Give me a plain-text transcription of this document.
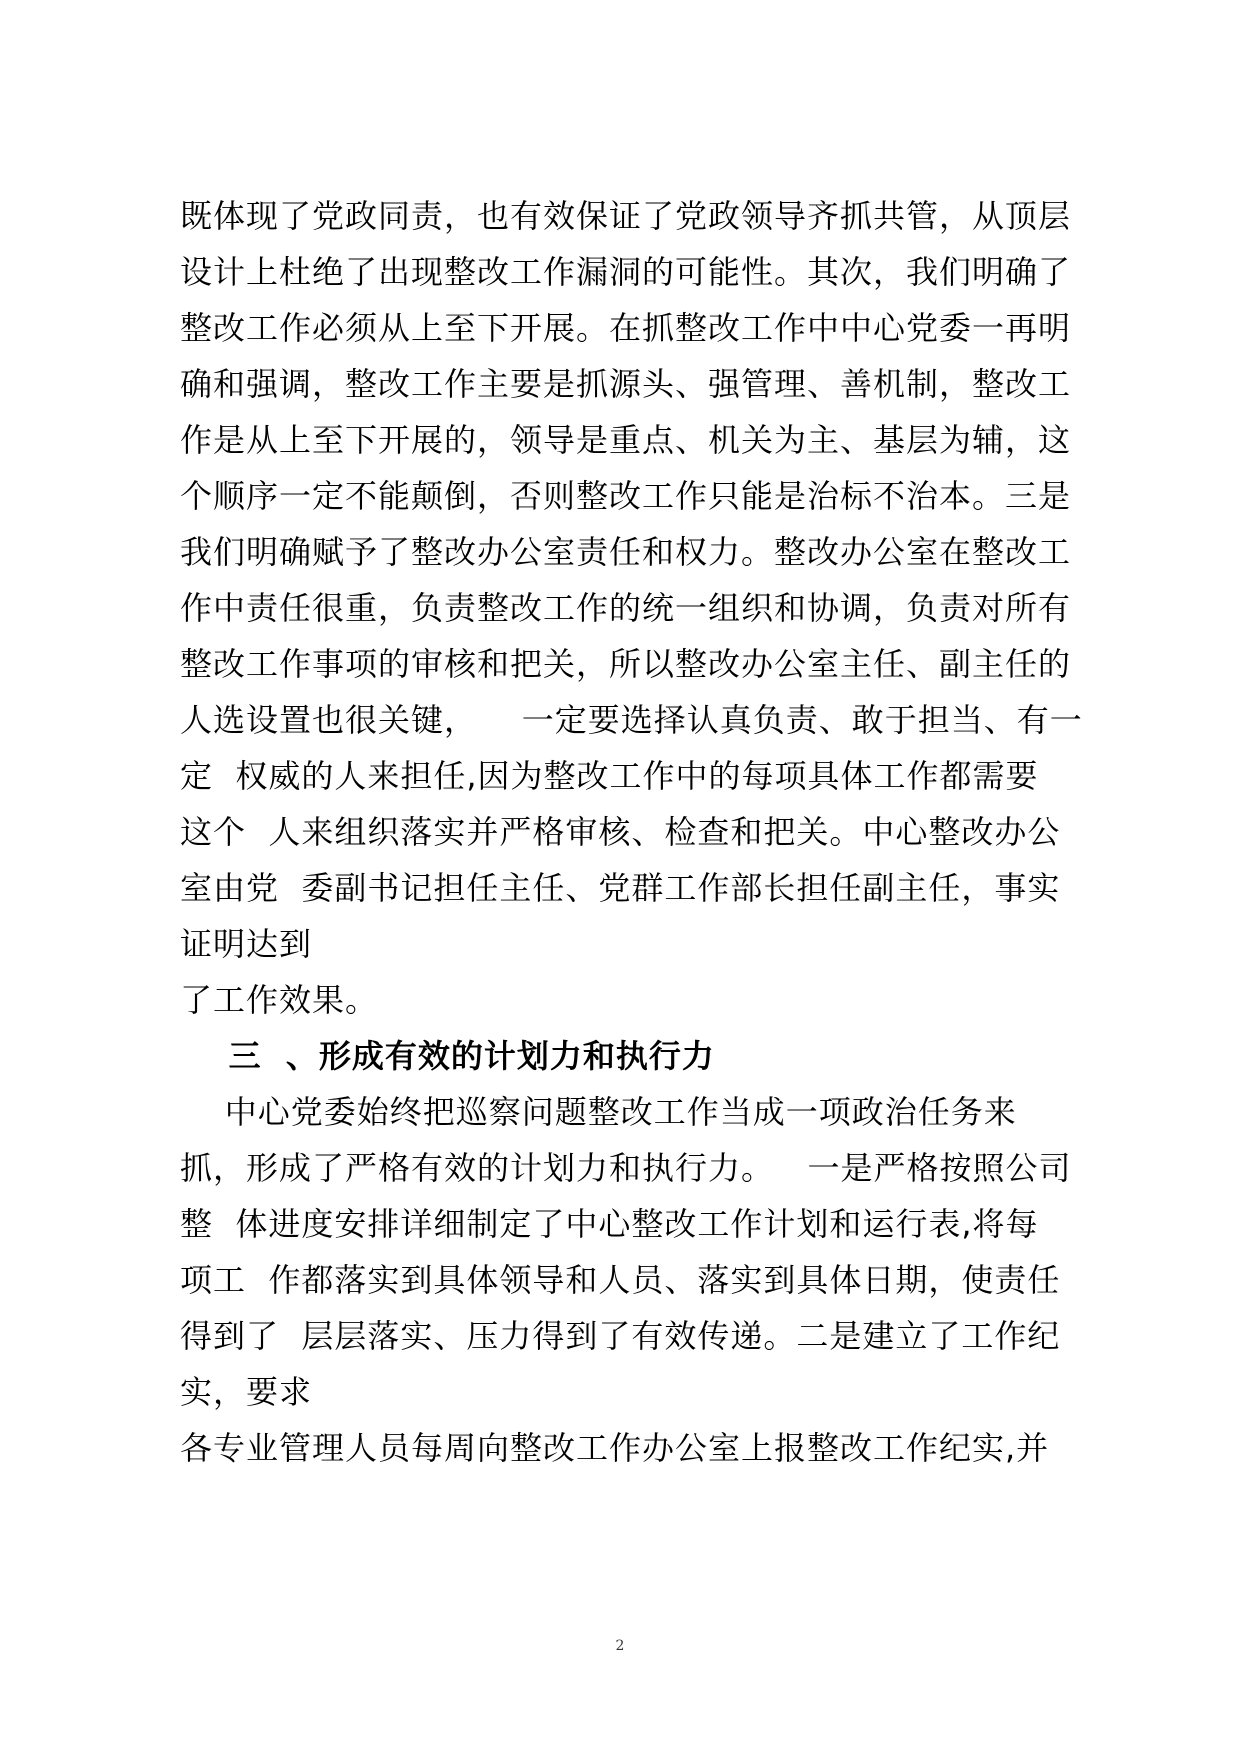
既体现了党政同责，也有效保证了党政领导齐抓共管，从顶层
设计上杜绝了出现整改工作漏洞的可能性。其次，我们明确了
整改工作必须从上至下开展。在抓整改工作中中心党委一再明
确和强调，整改工作主要是抓源头、强管理、善机制，整改工
作是从上至下开展的，领导是重点、机关为主、基层为辅，这
个顺序一定不能颠倒，否则整改工作只能是治标不治本。三是
我们明确赋予了整改办公室责任和权力。整改办公室在整改工
作中责任很重，负责整改工作的统一组织和协调，负责对所有
整改工作事项的审核和把关，所以整改办公室主任、副主任的
人选设置也很关键，    一定要选择认真负责、敢于担当、有一
定  权威的人来担任,因为整改工作中的每项具体工作都需要
这个  人来组织落实并严格审核、检查和把关。中心整改办公
室由党  委副书记担任主任、党群工作部长担任副主任，事实
证明达到
了工作效果。
三  、形成有效的计划力和执行力
中心党委始终把巡察问题整改工作当成一项政治任务来
抓，形成了严格有效的计划力和执行力。   一是严格按照公司
整  体进度安排详细制定了中心整改工作计划和运行表,将每
项工  作都落实到具体领导和人员、落实到具体日期，使责任
得到了  层层落实、压力得到了有效传递。二是建立了工作纪
实，要求
各专业管理人员每周向整改工作办公室上报整改工作纪实,并
2
